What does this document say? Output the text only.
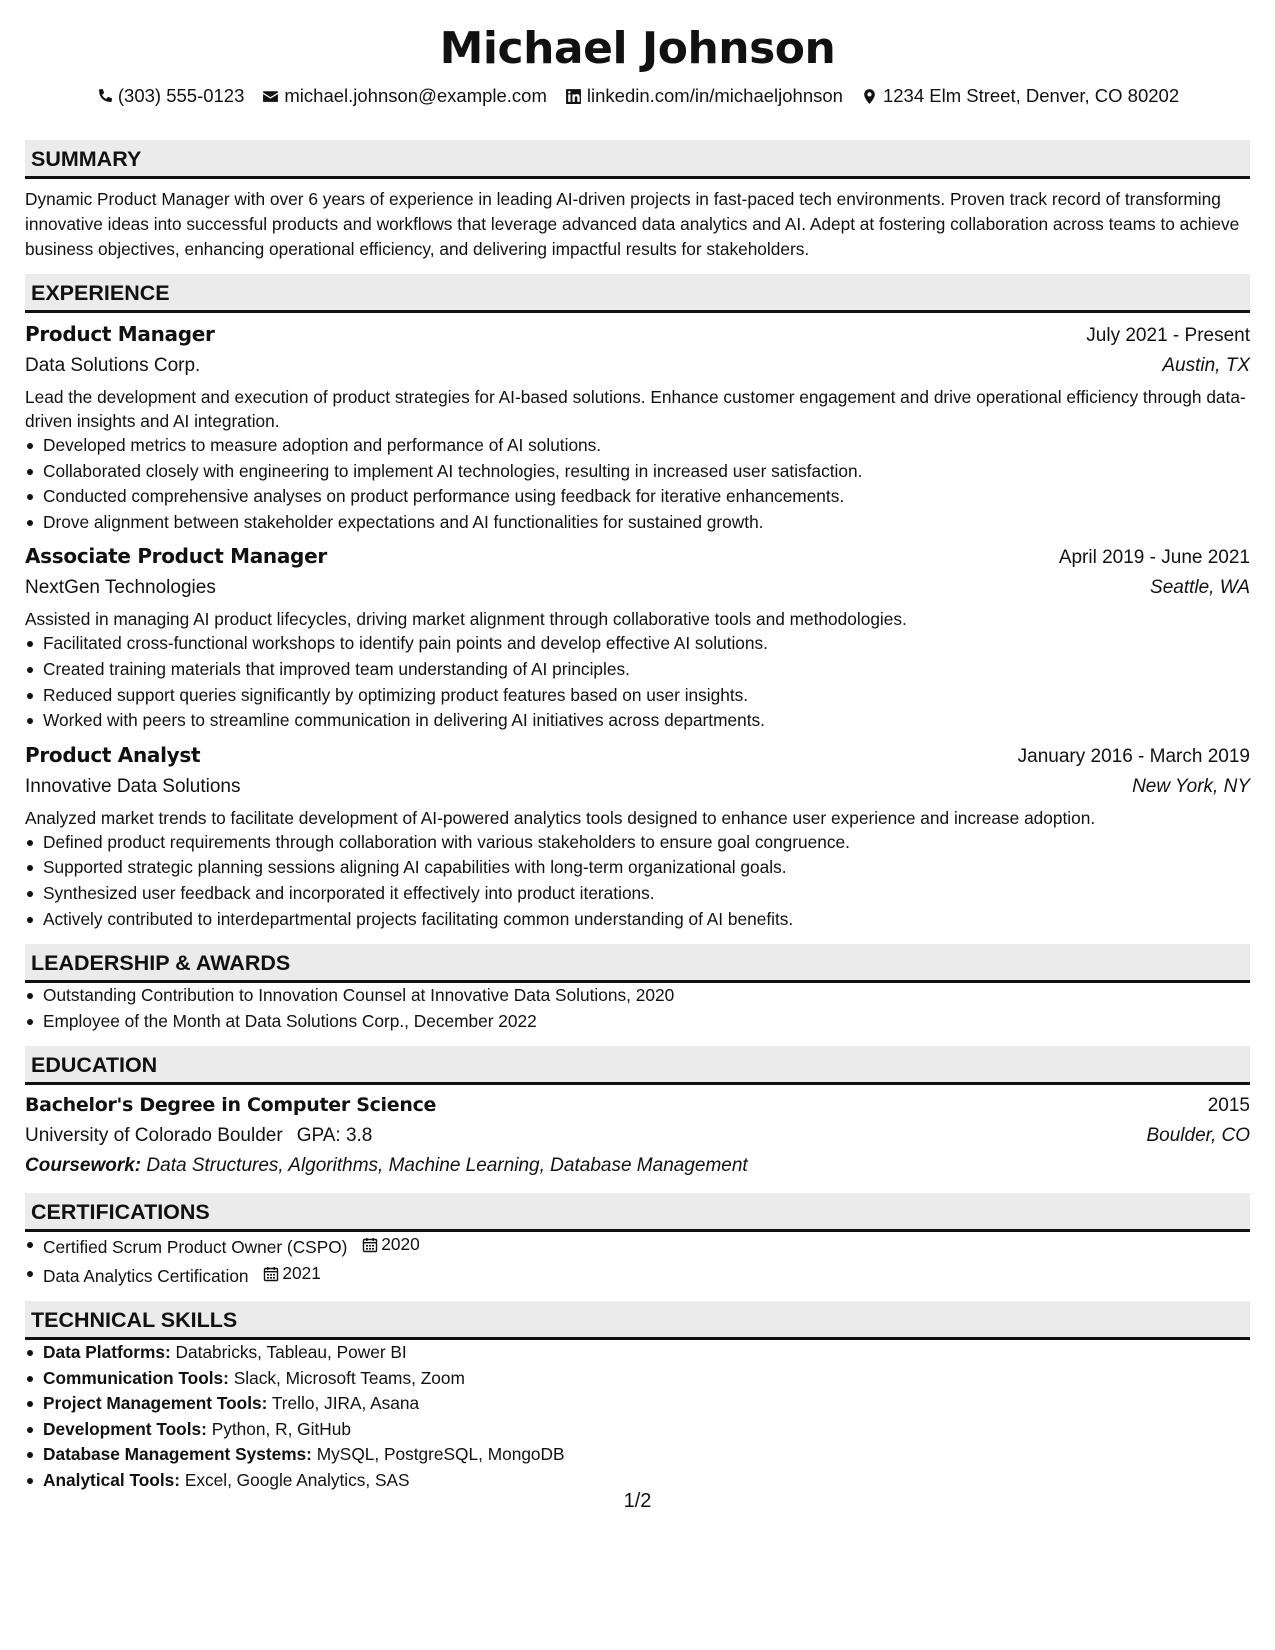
Michael Johnson
(303) 555-0123 michael.johnson@example.com linkedin.com/in/michaeljohnson 1234 Elm Street, Denver, CO 80202
SUMMARY

Dynamic Product Manager with over 6 years of experience in leading AI-driven projects in fast-paced tech environments. Proven track record of transforming innovative ideas into successful products and workflows that leverage advanced data analytics and AI. Adept at fostering collaboration across teams to achieve business objectives, enhancing operational efficiency, and delivering impactful results for stakeholders.

EXPERIENCE
Product Manager	July 2021 - Present
Data Solutions Corp.	Austin, TX
Lead the development and execution of product strategies for AI-based solutions. Enhance customer engagement and drive operational efficiency through data-driven insights and AI integration.
Developed metrics to measure adoption and performance of AI solutions.
Collaborated closely with engineering to implement AI technologies, resulting in increased user satisfaction.
Conducted comprehensive analyses on product performance using feedback for iterative enhancements.
Drove alignment between stakeholder expectations and AI functionalities for sustained growth.
Associate Product Manager	April 2019 - June 2021
NextGen Technologies	Seattle, WA
Assisted in managing AI product lifecycles, driving market alignment through collaborative tools and methodologies.
Facilitated cross-functional workshops to identify pain points and develop effective AI solutions.
Created training materials that improved team understanding of AI principles.
Reduced support queries significantly by optimizing product features based on user insights.
Worked with peers to streamline communication in delivering AI initiatives across departments.
Product Analyst	January 2016 - March 2019
Innovative Data Solutions	New York, NY
Analyzed market trends to facilitate development of AI-powered analytics tools designed to enhance user experience and increase adoption.
Defined product requirements through collaboration with various stakeholders to ensure goal congruence.
Supported strategic planning sessions aligning AI capabilities with long-term organizational goals.
Synthesized user feedback and incorporated it effectively into product iterations.
Actively contributed to interdepartmental projects facilitating common understanding of AI benefits.
LEADERSHIP & AWARDS
Outstanding Contribution to Innovation Counsel at Innovative Data Solutions, 2020
Employee of the Month at Data Solutions Corp., December 2022
EDUCATION
Bachelor's Degree in Computer Science	2015
University of Colorado Boulder GPA: 3.8	Boulder, CO
Coursework: Data Structures, Algorithms, Machine Learning, Database Management
CERTIFICATIONS
Certified Scrum Product Owner (CSPO) 2020
Data Analytics Certification 2021
TECHNICAL SKILLS
Data Platforms: Databricks, Tableau, Power BI
Communication Tools: Slack, Microsoft Teams, Zoom
Project Management Tools: Trello, JIRA, Asana
Development Tools: Python, R, GitHub
Database Management Systems: MySQL, PostgreSQL, MongoDB
Analytical Tools: Excel, Google Analytics, SAS
1/2
